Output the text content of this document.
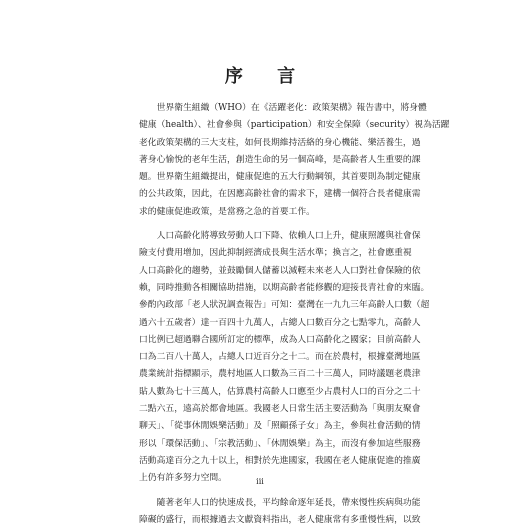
序 言

　　世界衛生組織（WHO）在《活躍老化：政策架構》報告書中，將身體
健康（health）、社會參與（participation）和安全保障（security）視為活躍
老化政策架構的三大支柱，如何長期維持活絡的身心機能、樂活養生，過
著身心愉悅的老年生活，創造生命的另一個高峰，是高齡者人生重要的課
題。世界衛生組織提出，健康促進的五大行動綱領，其首要則為制定健康
的公共政策，因此，在因應高齡社會的需求下，建構一個符合長者健康需
求的健康促進政策，是當務之急的首要工作。

　　人口高齡化將導致勞動人口下降、依賴人口上升，健康照護與社會保
險支付費用增加，因此抑制經濟成長與生活水準；換言之，社會應重視
人口高齡化的趨勢，並鼓勵個人儲蓄以減輕未來老人人口對社會保險的依
賴，同時推動各相關協助措施，以期高齡者能修觀的迎接長青社會的來臨。
參酌內政部「老人狀況調查報告」可知：臺灣在一九九三年高齡人口數（超
過六十五歲者）達一百四十九萬人，占總人口數百分之七點零九，高齡人
口比例已超過聯合國所訂定的標準，成為人口高齡化之國家；目前高齡人
口為二百八十萬人，占總人口近百分之十二。而在於農村，根據臺灣地區
農業統計指標顯示，農村地區人口數為三百二十三萬人，同時議題老農津
貼人數為七十三萬人，估算農村高齡人口應至少占農村人口的百分之二十
二點六五，遠高於都會地區。我國老人日常生活主要活動為「與朋友聚會
聊天」、「從事休閒娛樂活動」及「照顧孫子女」為主，參與社會活動的情
形以「環保活動」、「宗教活動」、「休閒娛樂」為主，而沒有參加這些服務
活動高達百分之九十以上，相對於先進國家，我國在老人健康促進的推廣
上仍有許多努力空間。

　　隨著老年人口的快速成長，平均餘命逐年延長，帶來慢性疾病與功能
障礙的盛行，而根據過去文獻資料指出，老人健康常有多重慢性病，以致

iii
